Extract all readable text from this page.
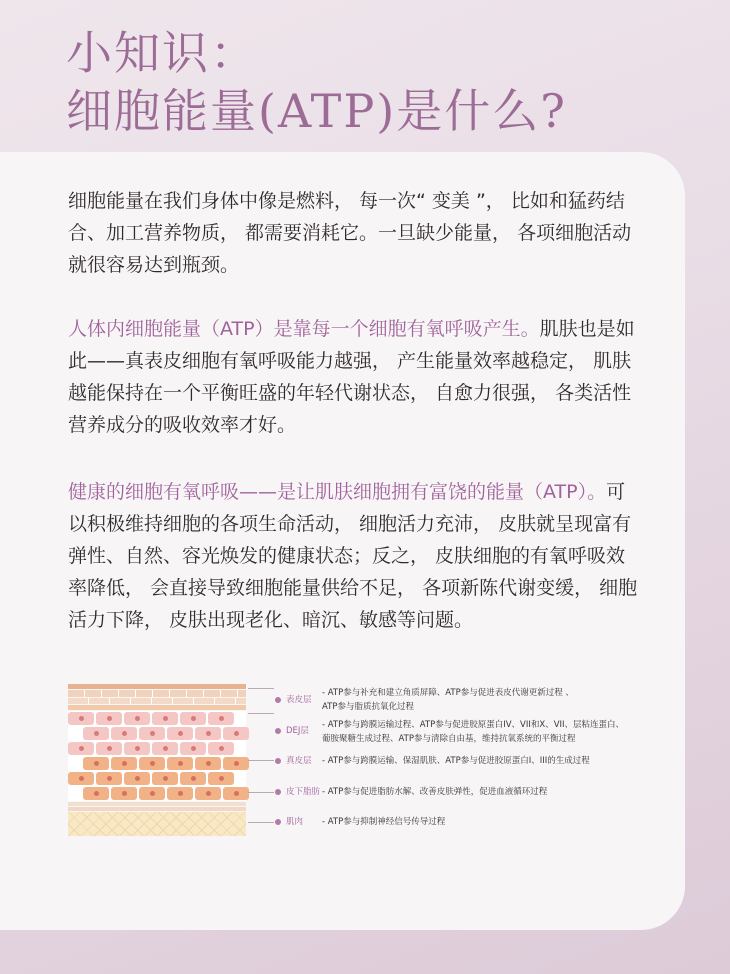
小知识：
细胞能量(ATP)是什么?

细胞能量在我们身体中像是燃料， 每一次“ 变美 ”， 比如和猛药结合、加工营养物质， 都需要消耗它。一旦缺少能量， 各项细胞活动就很容易达到瓶颈。

人体内细胞能量（ATP）是靠每一个细胞有氧呼吸产生。肌肤也是如此——真表皮细胞有氧呼吸能力越强， 产生能量效率越稳定， 肌肤越能保持在一个平衡旺盛的年轻代谢状态， 自愈力很强， 各类活性营养成分的吸收效率才好。

健康的细胞有氧呼吸——是让肌肤细胞拥有富饶的能量（ATP）。可以积极维持细胞的各项生命活动， 细胞活力充沛， 皮肤就呈现富有弹性、自然、容光焕发的健康状态；反之， 皮肤细胞的有氧呼吸效率降低， 会直接导致细胞能量供给不足， 各项新陈代谢变缓， 细胞活力下降， 皮肤出现老化、暗沉、敏感等问题。

表皮层
- ATP参与补充和建立角质屏障、ATP参与促进表皮代谢更新过程 、
ATP参与脂质抗氧化过程
DEJ层
- ATP参与跨膜运输过程、ATP参与促进胶原蛋白IV、VII和X、VII、层粘连蛋白、
葡胺聚糖生成过程、ATP参与清除自由基，维持抗氧系统的平衡过程
真皮层 - ATP参与跨膜运输、保湿肌肤、ATP参与促进胶原蛋白I、III的生成过程
皮下脂肪 - ATP参与促进脂肪水解、改善皮肤弹性，促进血液循环过程
肌肉 - ATP参与抑制神经信号传导过程
